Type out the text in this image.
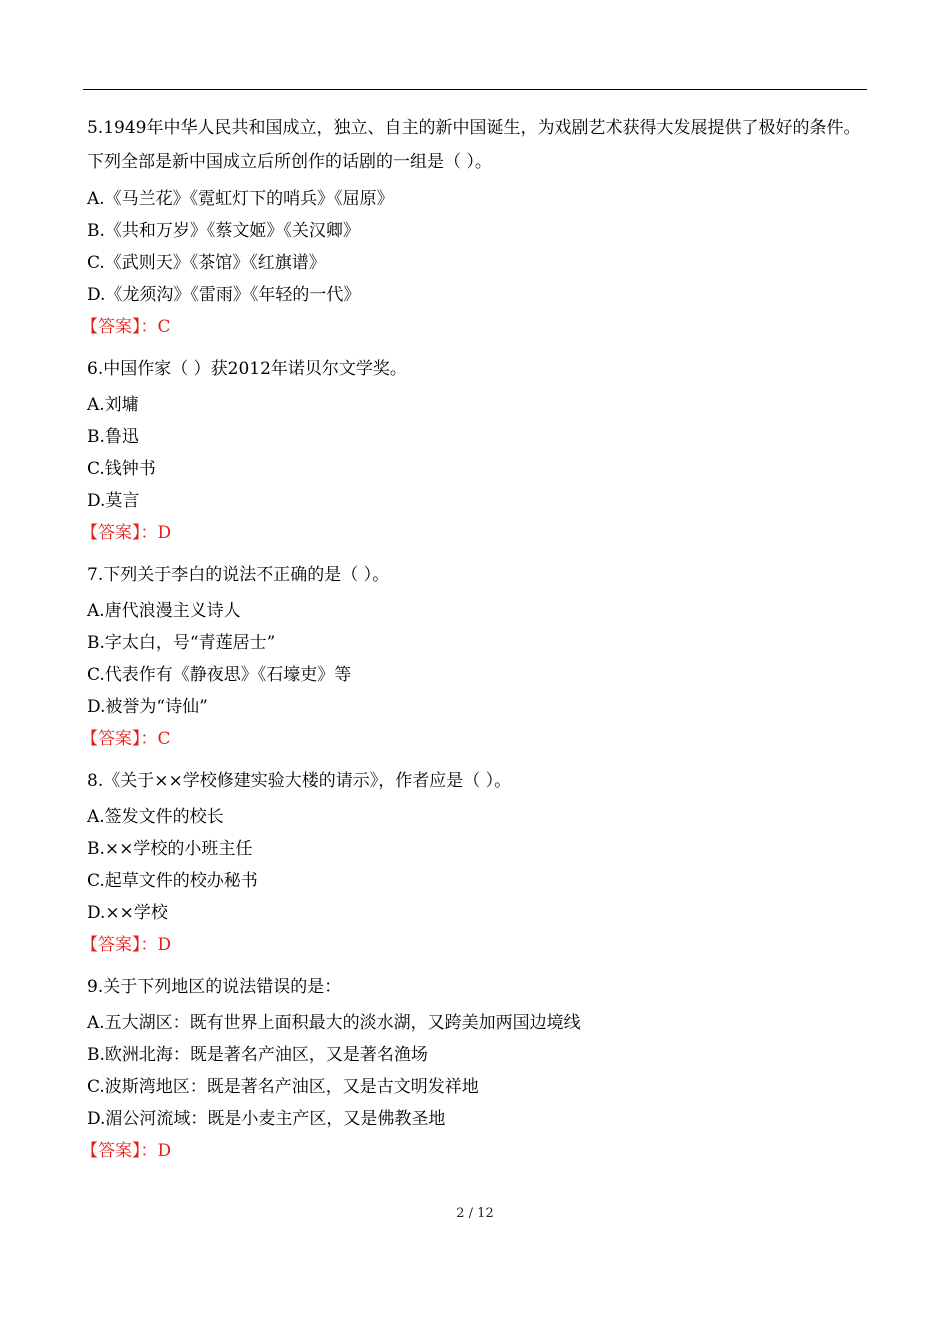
5.1949年中华人民共和国成立，独立、自主的新中国诞生，为戏剧艺术获得大发展提供了极好的条件。下列全部是新中国成立后所创作的话剧的一组是（ ）。

A.《马兰花》《霓虹灯下的哨兵》《屈原》

B.《共和万岁》《蔡文姬》《关汉卿》

C.《武则天》《茶馆》《红旗谱》

D.《龙须沟》《雷雨》《年轻的一代》

【答案】：C

6.中国作家（ ）获2012年诺贝尔文学奖。

A.刘墉

B.鲁迅

C.钱钟书

D.莫言

【答案】：D

7.下列关于李白的说法不正确的是（ ）。

A.唐代浪漫主义诗人

B.字太白，号“青莲居士”

C.代表作有《静夜思》《石壕吏》等

D.被誉为“诗仙”

【答案】：C

8.《关于××学校修建实验大楼的请示》，作者应是（ ）。

A.签发文件的校长

B.××学校的小班主任

C.起草文件的校办秘书

D.××学校

【答案】：D

9.关于下列地区的说法错误的是：

A.五大湖区：既有世界上面积最大的淡水湖，又跨美加两国边境线

B.欧洲北海：既是著名产油区，又是著名渔场

C.波斯湾地区：既是著名产油区，又是古文明发祥地

D.湄公河流域：既是小麦主产区，又是佛教圣地

【答案】：D

2 / 12
